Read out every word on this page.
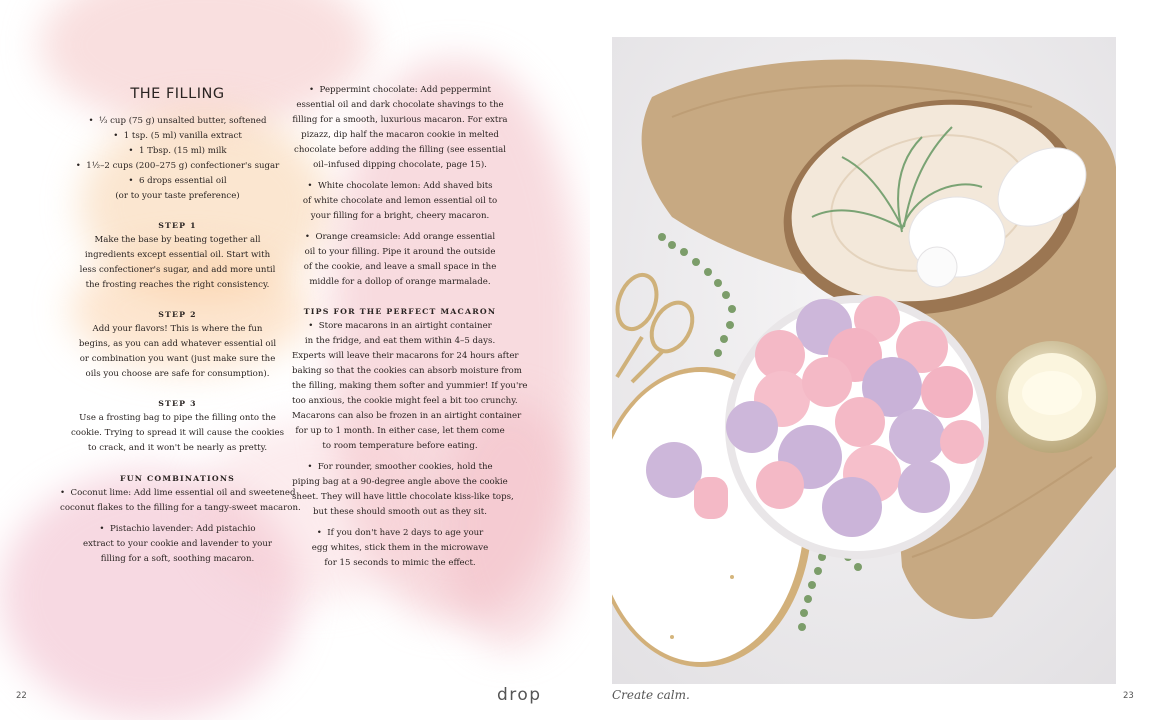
THE FILLING
•  ⅓ cup (75 g) unsalted butter, softened
•  1 tsp. (5 ml) vanilla extract
•  1 Tbsp. (15 ml) milk
•  1½–2 cups (200–275 g) confectioner's sugar
•  6 drops essential oil
(or to your taste preference)
STEP 1
Make the base by beating together all
ingredients except essential oil. Start with
less confectioner's sugar, and add more until
the frosting reaches the right consistency.
STEP 2
Add your flavors! This is where the fun
begins, as you can add whatever essential oil
or combination you want (just make sure the
oils you choose are safe for consumption).
STEP 3
Use a frosting bag to pipe the filling onto the
cookie. Trying to spread it will cause the cookies
to crack, and it won't be nearly as pretty.
FUN COMBINATIONS
•  Coconut lime: Add lime essential oil and sweetened
coconut flakes to the filling for a tangy-sweet macaron.
•  Pistachio lavender: Add pistachio
extract to your cookie and lavender to your
filling for a soft, soothing macaron.
•  Peppermint chocolate: Add peppermint
essential oil and dark chocolate shavings to the
filling for a smooth, luxurious macaron. For extra
pizazz, dip half the macaron cookie in melted
chocolate before adding the filling (see essential
oil–infused dipping chocolate, page 15).
•  White chocolate lemon: Add shaved bits
of white chocolate and lemon essential oil to
your filling for a bright, cheery macaron.
•  Orange creamsicle: Add orange essential
oil to your filling. Pipe it around the outside
of the cookie, and leave a small space in the
middle for a dollop of orange marmalade.
TIPS FOR THE PERFECT MACARON
•  Store macarons in an airtight container
in the fridge, and eat them within 4–5 days.
Experts will leave their macarons for 24 hours after
baking so that the cookies can absorb moisture from
the filling, making them softer and yummier! If you're
too anxious, the cookie might feel a bit too crunchy.
Macarons can also be frozen in an airtight container
for up to 1 month. In either case, let them come
to room temperature before eating.
•  For rounder, smoother cookies, hold the
piping bag at a 90-degree angle above the cookie
sheet. They will have little chocolate kiss-like tops,
but these should smooth out as they sit.
•  If you don't have 2 days to age your
egg whites, stick them in the microwave
for 15 seconds to mimic the effect.
22	drop	Create calm.	23
